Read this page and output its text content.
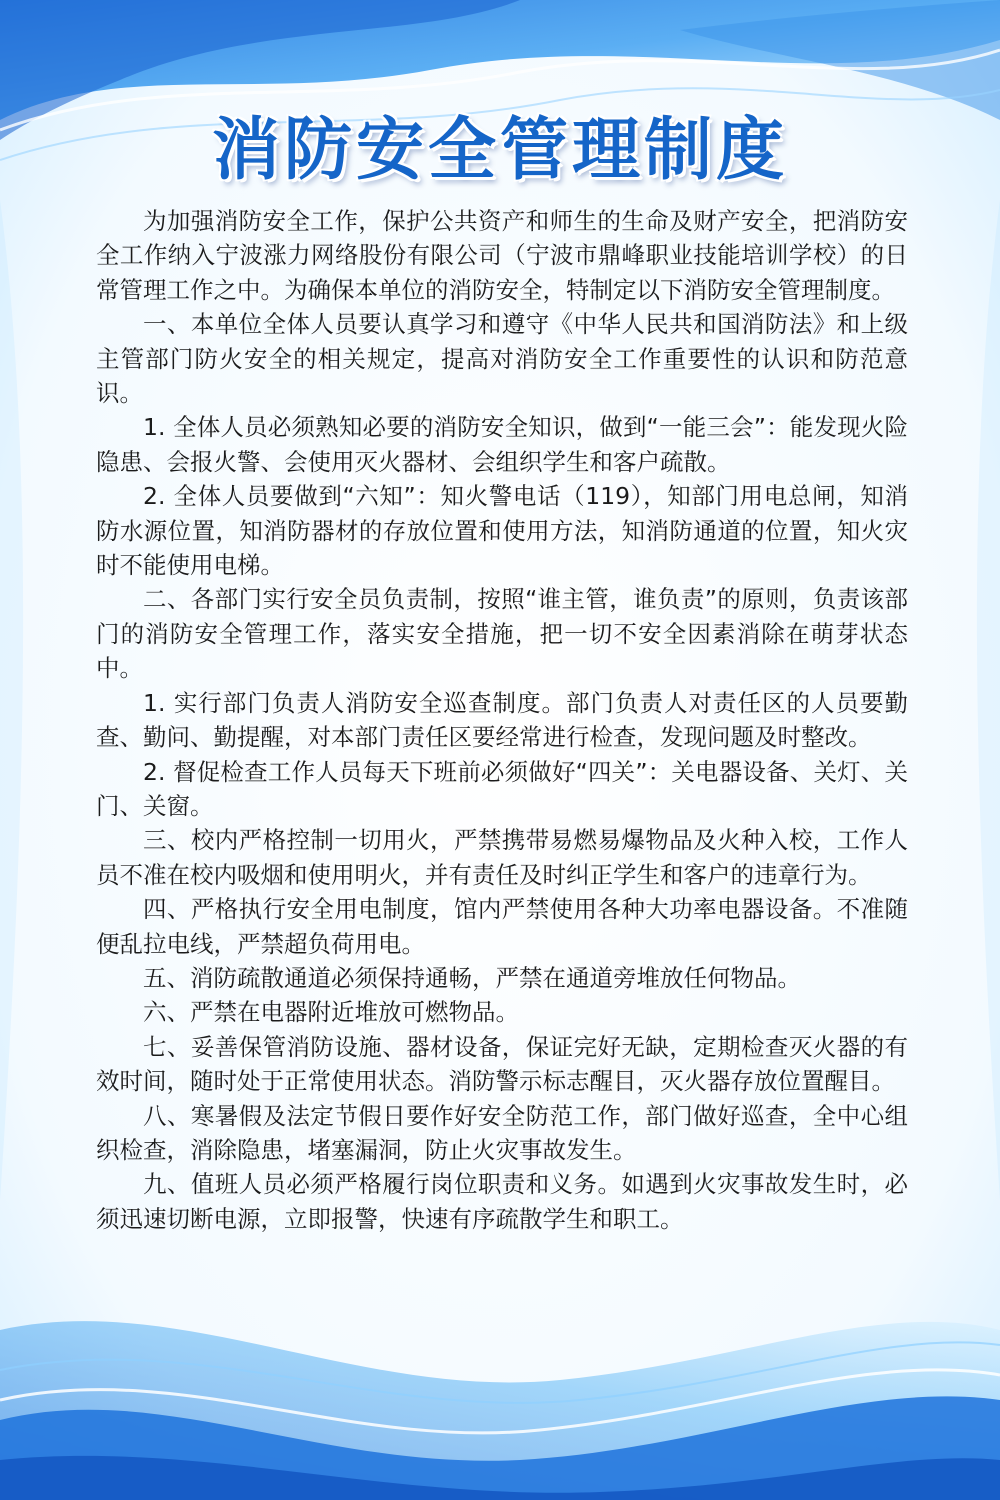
消防安全管理制度

为加强消防安全工作，保护公共资产和师生的生命及财产安全，把消防安全工作纳入宁波涨力网络股份有限公司（宁波市鼎峰职业技能培训学校）的日常管理工作之中。为确保本单位的消防安全，特制定以下消防安全管理制度。

一、本单位全体人员要认真学习和遵守《中华人民共和国消防法》和上级主管部门防火安全的相关规定，提高对消防安全工作重要性的认识和防范意识。

1. 全体人员必须熟知必要的消防安全知识，做到“一能三会”：能发现火险隐患、会报火警、会使用灭火器材、会组织学生和客户疏散。

2. 全体人员要做到“六知”：知火警电话（119），知部门用电总闸，知消防水源位置，知消防器材的存放位置和使用方法，知消防通道的位置，知火灾时不能使用电梯。

二、各部门实行安全员负责制，按照“谁主管，谁负责”的原则，负责该部门的消防安全管理工作，落实安全措施，把一切不安全因素消除在萌芽状态中。

1. 实行部门负责人消防安全巡查制度。部门负责人对责任区的人员要勤查、勤问、勤提醒，对本部门责任区要经常进行检查，发现问题及时整改。

2. 督促检查工作人员每天下班前必须做好“四关”：关电器设备、关灯、关门、关窗。

三、校内严格控制一切用火，严禁携带易燃易爆物品及火种入校，工作人员不准在校内吸烟和使用明火，并有责任及时纠正学生和客户的违章行为。

四、严格执行安全用电制度，馆内严禁使用各种大功率电器设备。不准随便乱拉电线，严禁超负荷用电。

五、消防疏散通道必须保持通畅，严禁在通道旁堆放任何物品。

六、严禁在电器附近堆放可燃物品。

七、妥善保管消防设施、器材设备，保证完好无缺，定期检查灭火器的有效时间，随时处于正常使用状态。消防警示标志醒目，灭火器存放位置醒目。

八、寒暑假及法定节假日要作好安全防范工作，部门做好巡查，全中心组织检查，消除隐患，堵塞漏洞，防止火灾事故发生。

九、值班人员必须严格履行岗位职责和义务。如遇到火灾事故发生时，必须迅速切断电源，立即报警，快速有序疏散学生和职工。
